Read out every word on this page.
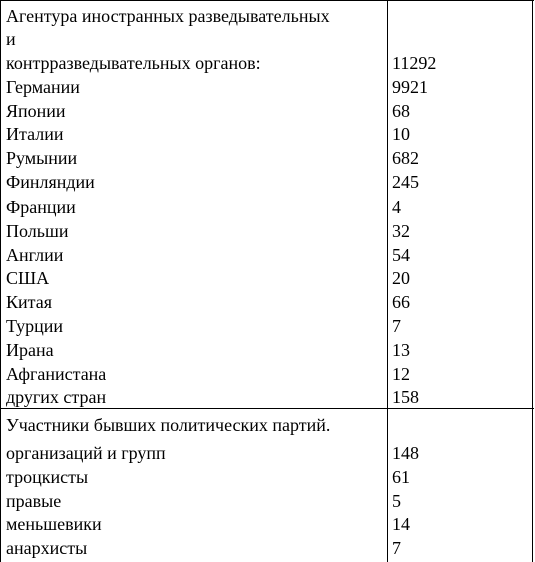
Агентура иностранных разведывательных
и
контрразведывательных органов:	11292
Германии	9921
Японии	68
Италии	10
Румынии	682
Финляндии	245
Франции	4
Польши	32
Англии	54
США	20
Китая	66
Турции	7
Ирана	13
Афганистана	12
других стран	158
Участники бывших политических партий.
организаций и групп	148
троцкисты	61
правые	5
меньшевики	14
анархисты	7
